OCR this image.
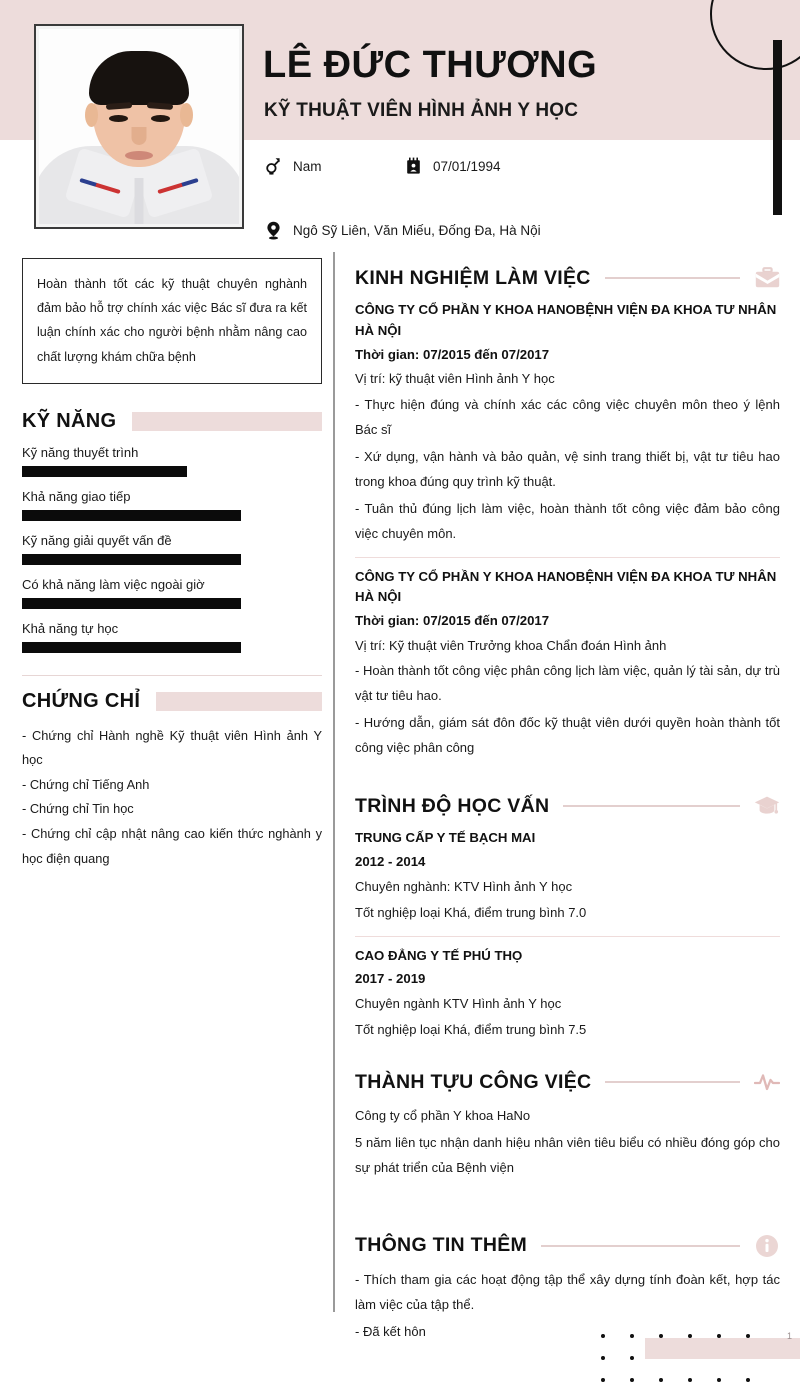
LÊ ĐỨC THƯƠNG
KỸ THUẬT VIÊN HÌNH ẢNH Y HỌC
Nam	07/01/1994
Ngô Sỹ Liên, Văn Miếu, Đống Đa, Hà Nội
Hoàn thành tốt các kỹ thuật chuyên nghành đảm bảo hỗ trợ chính xác việc Bác sĩ đưa ra kết luận chính xác cho người bệnh nhằm nâng cao chất lượng khám chữa bệnh
KỸ NĂNG
Kỹ năng thuyết trình
Khả năng giao tiếp
Kỹ năng giải quyết vấn đề
Có khả năng làm việc ngoài giờ
Khả năng tự học
CHỨNG CHỈ
- Chứng chỉ Hành nghề Kỹ thuật viên Hình ảnh Y học
- Chứng chỉ Tiếng Anh
- Chứng chỉ Tin học
- Chứng chỉ cập nhật nâng cao kiến thức nghành y học điện quang
KINH NGHIỆM LÀM VIỆC
CÔNG TY CỔ PHẦN Y KHOA HANOBỆNH VIỆN ĐA KHOA TƯ NHÂN HÀ NỘI
Thời gian: 07/2015 đến 07/2017
Vị trí: kỹ thuật viên Hình ảnh Y học
- Thực hiện đúng và chính xác các công việc chuyên môn theo ý lệnh Bác sĩ
- Xứ dụng, vận hành và bảo quản, vệ sinh trang thiết bị, vật tư tiêu hao trong khoa đúng quy trình kỹ thuật.
- Tuân thủ đúng lịch làm việc, hoàn thành tốt công việc đảm bảo công việc chuyên môn.
CÔNG TY CỔ PHẦN Y KHOA HANOBỆNH VIỆN ĐA KHOA TƯ NHÂN HÀ NỘI
Thời gian: 07/2015 đến 07/2017
Vị trí: Kỹ thuật viên Trưởng khoa Chẩn đoán Hình ảnh
- Hoàn thành tốt công việc phân công lịch làm việc, quản lý tài sản, dự trù vật tư tiêu hao.
- Hướng dẫn, giám sát đôn đốc kỹ thuật viên dưới quyền hoàn thành tốt công việc phân công
TRÌNH ĐỘ HỌC VẤN
TRUNG CẤP Y TẾ BẠCH MAI
2012 - 2014
Chuyên nghành: KTV Hình ảnh Y học
Tốt nghiệp loại Khá, điểm trung bình 7.0
CAO ĐẲNG Y TẾ PHÚ THỌ
2017 - 2019
Chuyên ngành KTV Hình ảnh Y học
Tốt nghiệp loại Khá, điểm trung bình 7.5
THÀNH TỰU CÔNG VIỆC
Công ty cổ phần Y khoa HaNo
5 năm liên tục nhận danh hiệu nhân viên tiêu biểu có nhiều đóng góp cho sự phát triển của Bệnh viện
THÔNG TIN THÊM
- Thích tham gia các hoạt động tập thể xây dựng tính đoàn kết, hợp tác làm việc của tập thể.
- Đã kết hôn	1
